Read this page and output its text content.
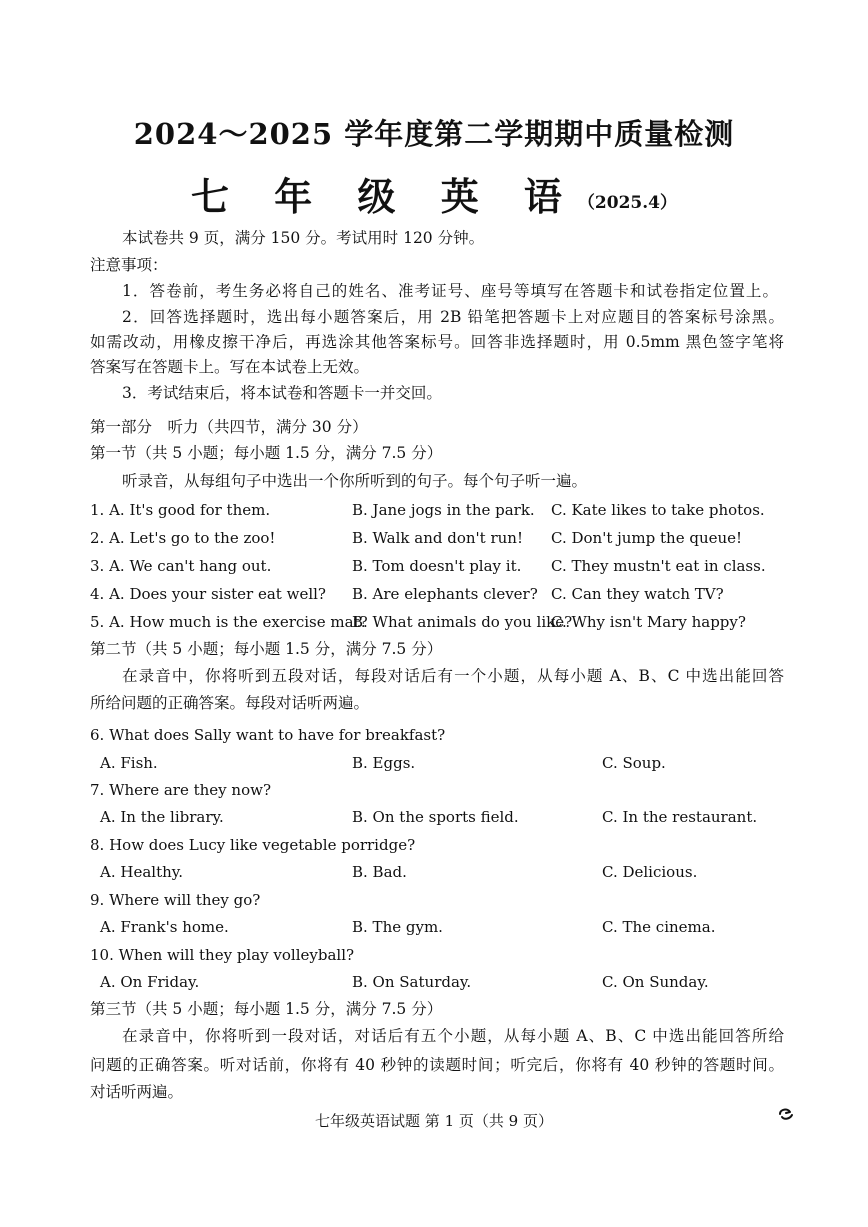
2024～2025 学年度第二学期期中质量检测
七 年 级 英 语（2025.4）
本试卷共 9 页，满分 150 分。考试用时 120 分钟。
注意事项：
1．答卷前，考生务必将自己的姓名、准考证号、座号等填写在答题卡和试卷指定位置上。
2．回答选择题时，选出每小题答案后，用 2B 铅笔把答题卡上对应题目的答案标号涂黑。
如需改动，用橡皮擦干净后，再选涂其他答案标号。回答非选择题时，用 0.5mm 黑色签字笔将
答案写在答题卡上。写在本试卷上无效。
3．考试结束后，将本试卷和答题卡一并交回。
第一部分　听力（共四节，满分 30 分）
第一节（共 5 小题；每小题 1.5 分，满分 7.5 分）
听录音，从每组句子中选出一个你所听到的句子。每个句子听一遍。
1. A. It's good for them.	B. Jane jogs in the park. C. Kate likes to take photos.
2. A. Let's go to the zoo!	B. Walk and don't run! C. Don't jump the queue!
3. A. We can't hang out.	B. Tom doesn't play it. C. They mustn't eat in class.
4. A. Does your sister eat well? B. Are elephants clever? C. Can they watch TV?
5. A. How much is the exercise mat?
B. What animals do you like?
C. Why isn't Mary happy?
第二节（共 5 小题；每小题 1.5 分，满分 7.5 分）
在录音中，你将听到五段对话，每段对话后有一个小题，从每小题 A、B、C 中选出能回答
所给问题的正确答案。每段对话听两遍。
6. What does Sally want to have for breakfast?
A. Fish.	B. Eggs.	C. Soup.
7. Where are they now?
A. In the library.	B. On the sports field.	C. In the restaurant.
8. How does Lucy like vegetable porridge?
A. Healthy.	B. Bad.	C. Delicious.
9. Where will they go?
A. Frank's home.	B. The gym.	C. The cinema.
10. When will they play volleyball?
A. On Friday.	B. On Saturday.	C. On Sunday.
第三节（共 5 小题；每小题 1.5 分，满分 7.5 分）
在录音中，你将听到一段对话，对话后有五个小题，从每小题 A、B、C 中选出能回答所给
问题的正确答案。听对话前，你将有 40 秒钟的读题时间；听完后，你将有 40 秒钟的答题时间。
对话听两遍。
七年级英语试题 第 1 页（共 9 页）
